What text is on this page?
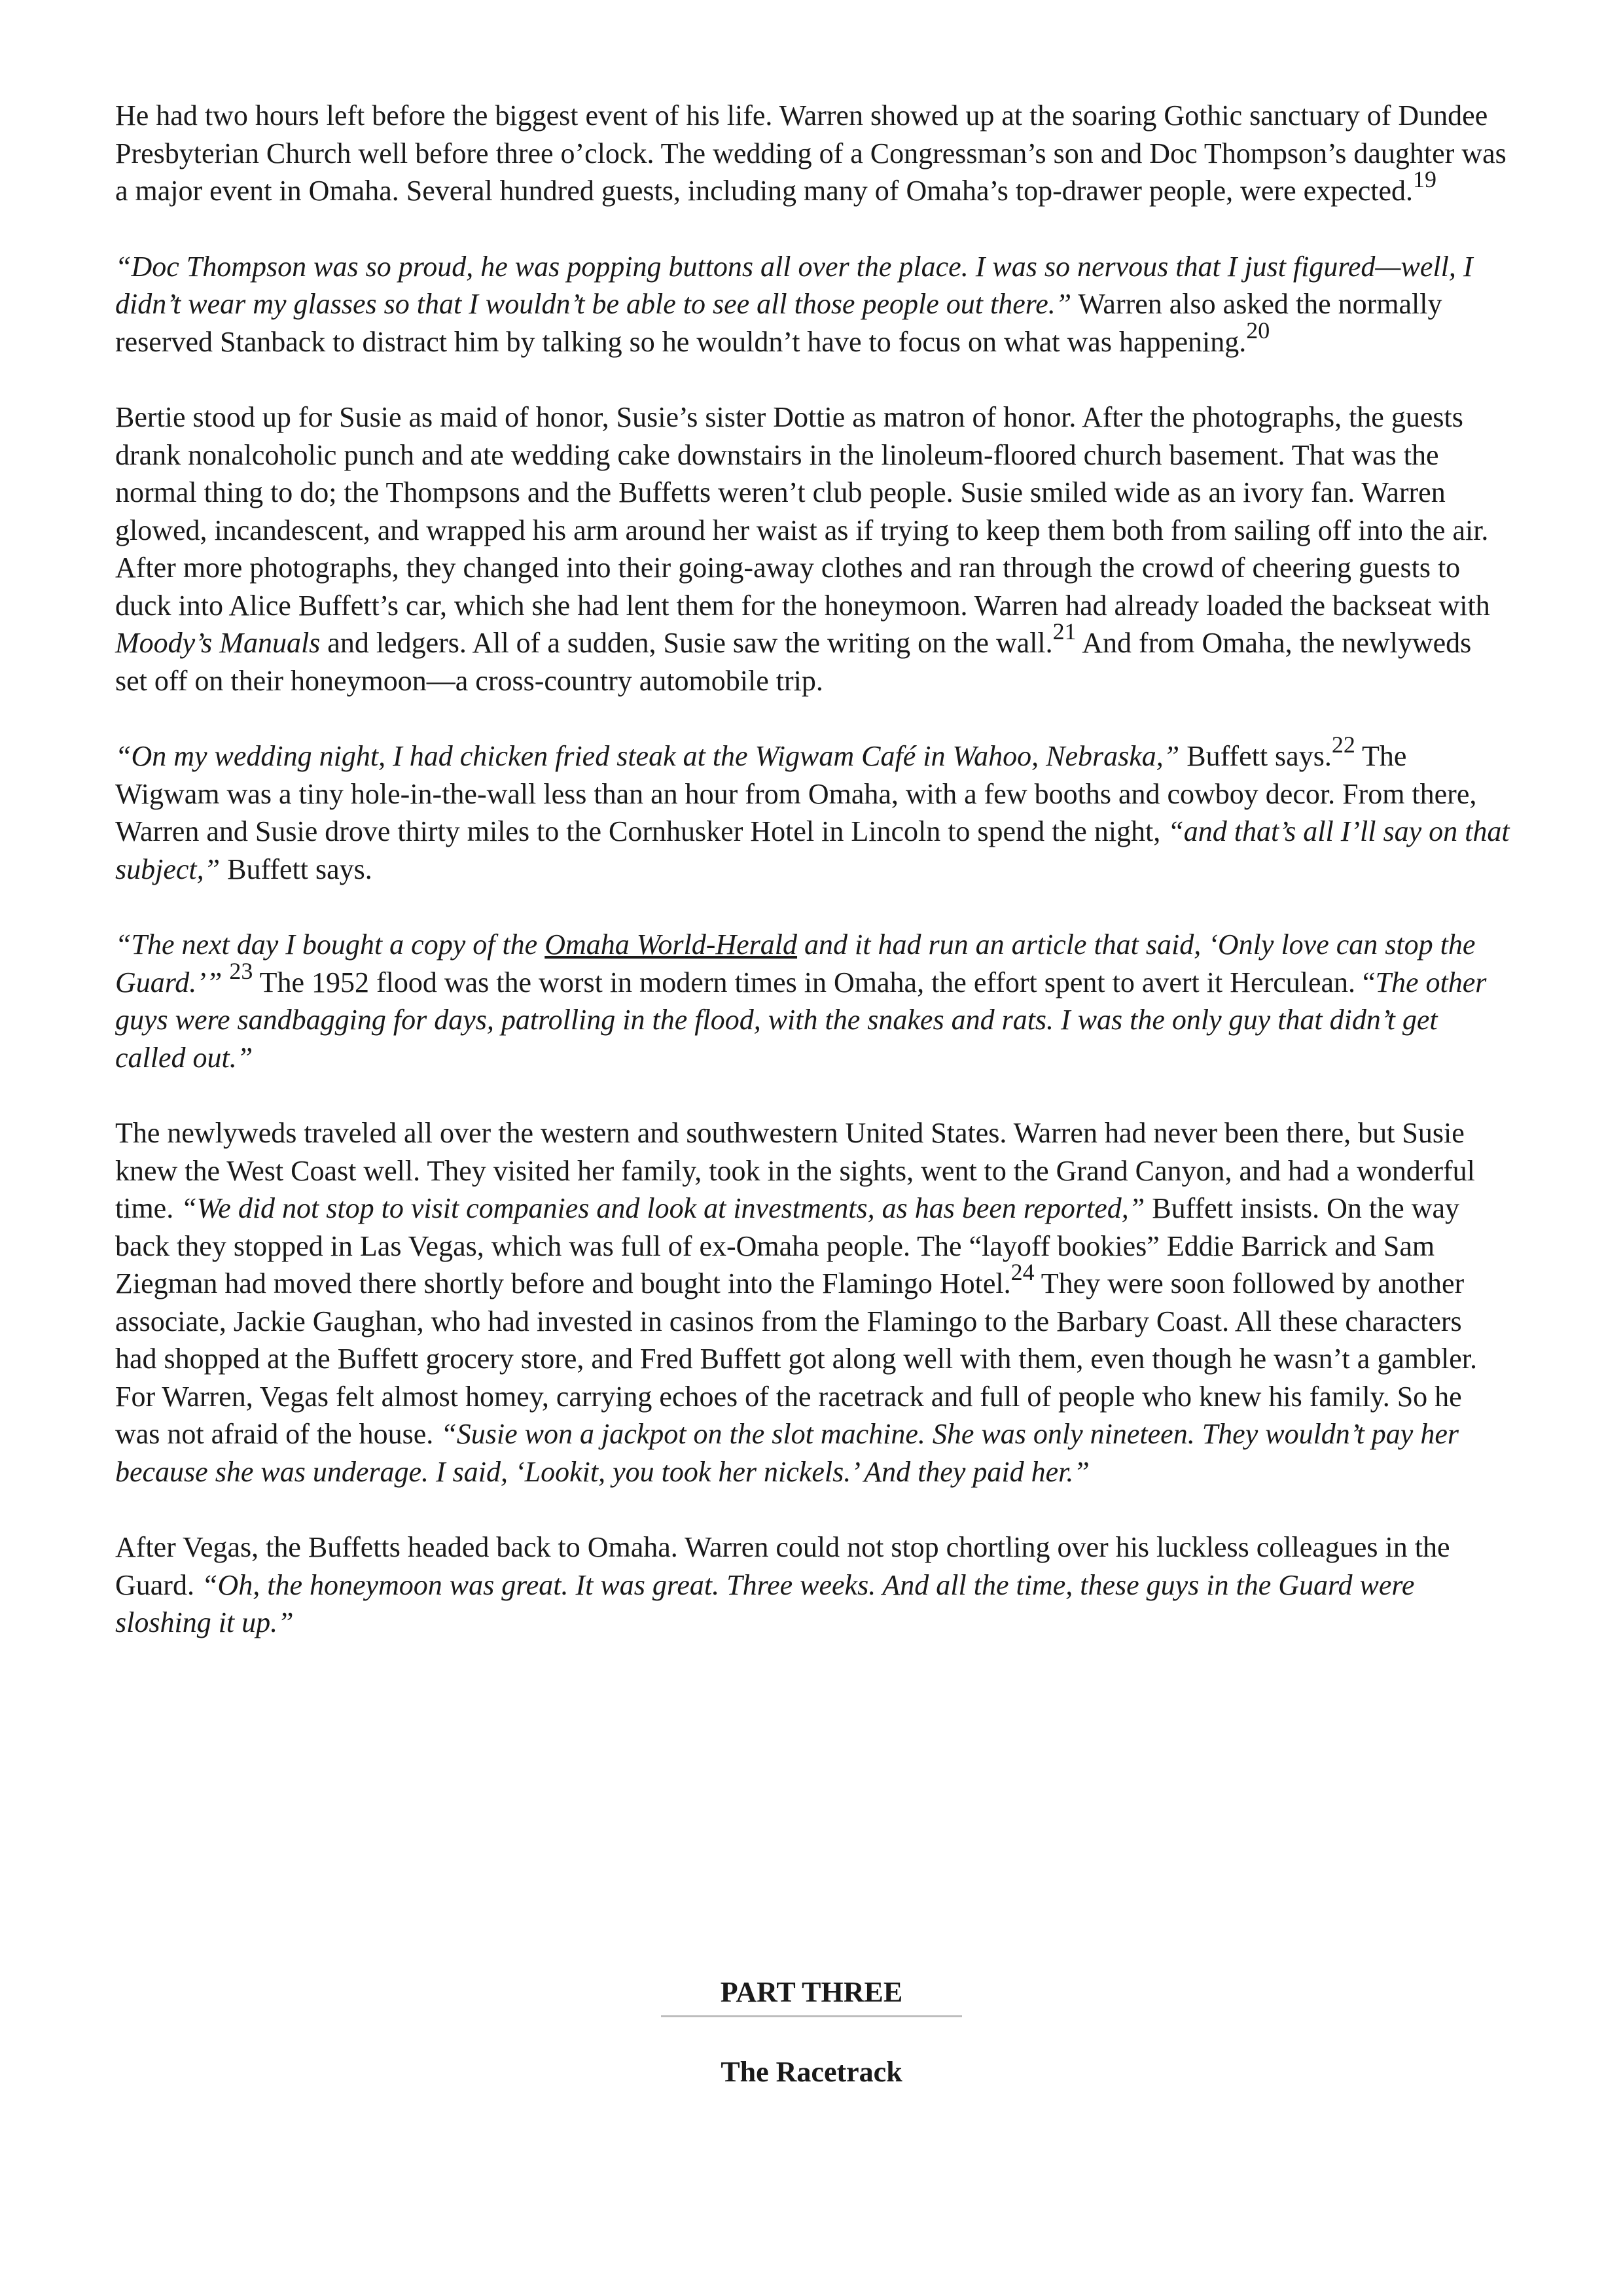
He had two hours left before the biggest event of his life. Warren showed up at the soaring Gothic sanctuary of Dundee Presbyterian Church well before three o’clock. The wedding of a Congressman’s son and Doc Thompson’s daughter was a major event in Omaha. Several hundred guests, including many of Omaha’s top-drawer people, were expected.$^{19}$

“Doc Thompson was so proud, he was popping buttons all over the place. I was so nervous that I just figured—well, I didn’t wear my glasses so that I wouldn’t be able to see all those people out there.” Warren also asked the normally reserved Stanback to distract him by talking so he wouldn’t have to focus on what was happening.$^{20}$

Bertie stood up for Susie as maid of honor, Susie’s sister Dottie as matron of honor. After the photographs, the guests drank nonalcoholic punch and ate wedding cake downstairs in the linoleum-floored church basement. That was the normal thing to do; the Thompsons and the Buffetts weren’t club people. Susie smiled wide as an ivory fan. Warren glowed, incandescent, and wrapped his arm around her waist as if trying to keep them both from sailing off into the air. After more photographs, they changed into their going-away clothes and ran through the crowd of cheering guests to duck into Alice Buffett’s car, which she had lent them for the honeymoon. Warren had already loaded the backseat with Moody’s Manuals and ledgers. All of a sudden, Susie saw the writing on the wall.$^{21}$ And from Omaha, the newlyweds set off on their honeymoon—a cross-country automobile trip.

“On my wedding night, I had chicken fried steak at the Wigwam Café in Wahoo, Nebraska,” Buffett says.$^{22}$ The Wigwam was a tiny hole-in-the-wall less than an hour from Omaha, with a few booths and cowboy decor. From there, Warren and Susie drove thirty miles to the Cornhusker Hotel in Lincoln to spend the night, “and that’s all I’ll say on that subject,” Buffett says.

“The next day I bought a copy of the Omaha World-Herald and it had run an article that said, ‘Only love can stop the Guard.’” $^{23}$ The 1952 flood was the worst in modern times in Omaha, the effort spent to avert it Herculean. “The other guys were sandbagging for days, patrolling in the flood, with the snakes and rats. I was the only guy that didn’t get called out.”

The newlyweds traveled all over the western and southwestern United States. Warren had never been there, but Susie knew the West Coast well. They visited her family, took in the sights, went to the Grand Canyon, and had a wonderful time. “We did not stop to visit companies and look at investments, as has been reported,” Buffett insists. On the way back they stopped in Las Vegas, which was full of ex-Omaha people. The “layoff bookies” Eddie Barrick and Sam Ziegman had moved there shortly before and bought into the Flamingo Hotel.$^{24}$ They were soon followed by another associate, Jackie Gaughan, who had invested in casinos from the Flamingo to the Barbary Coast. All these characters had shopped at the Buffett grocery store, and Fred Buffett got along well with them, even though he wasn’t a gambler. For Warren, Vegas felt almost homey, carrying echoes of the racetrack and full of people who knew his family. So he was not afraid of the house. “Susie won a jackpot on the slot machine. She was only nineteen. They wouldn’t pay her because she was underage. I said, ‘Lookit, you took her nickels.’ And they paid her.”

After Vegas, the Buffetts headed back to Omaha. Warren could not stop chortling over his luckless colleagues in the Guard. “Oh, the honeymoon was great. It was great. Three weeks. And all the time, these guys in the Guard were sloshing it up.”

PART THREE
The Racetrack
